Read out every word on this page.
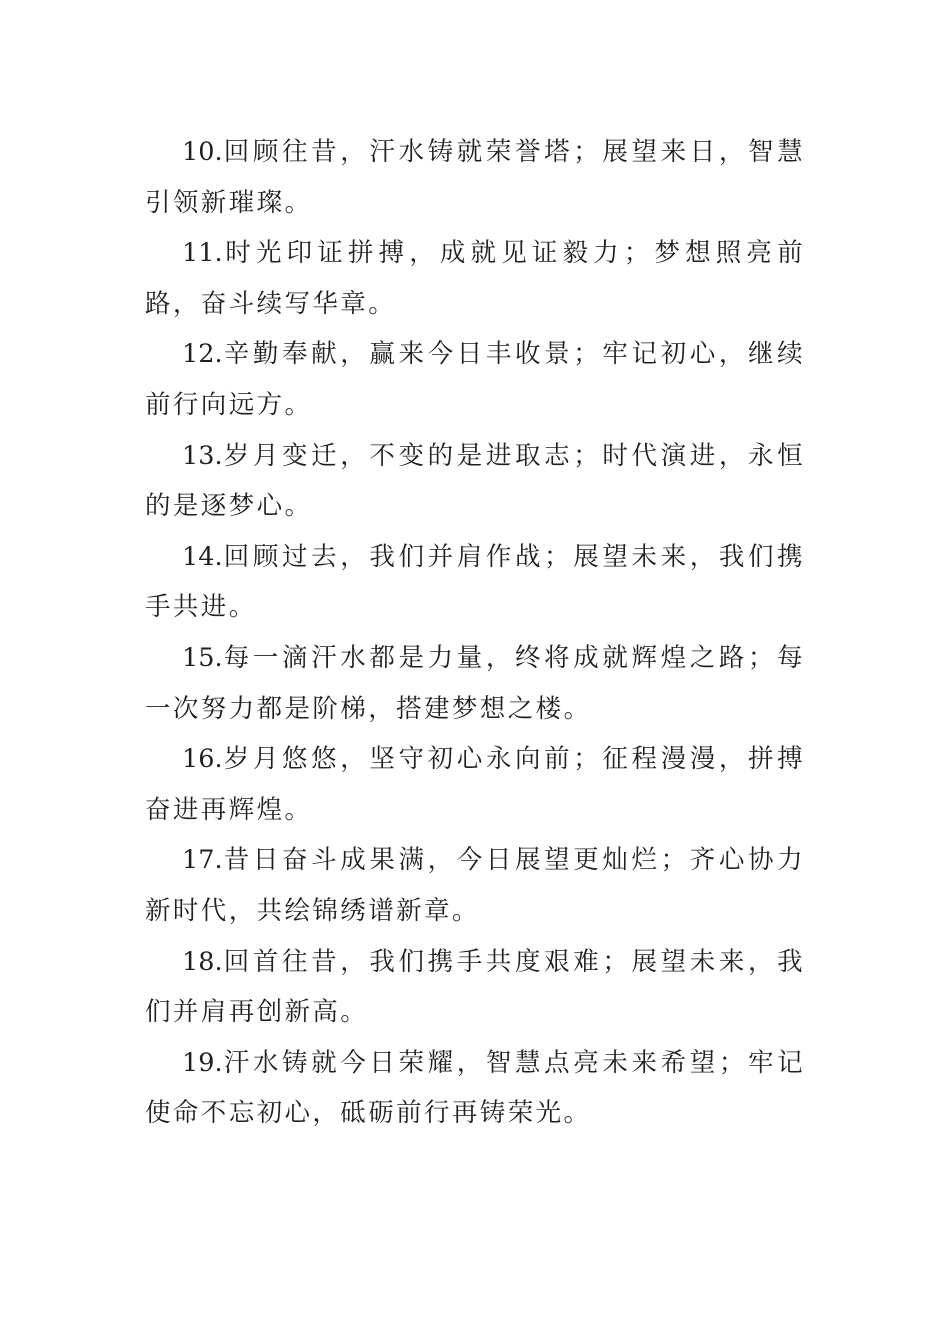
10.回顾往昔，汗水铸就荣誉塔；展望来日，智慧引领新璀璨。

11.时光印证拼搏，成就见证毅力；梦想照亮前路，奋斗续写华章。

12.辛勤奉献，赢来今日丰收景；牢记初心，继续前行向远方。

13.岁月变迁，不变的是进取志；时代演进，永恒的是逐梦心。

14.回顾过去，我们并肩作战；展望未来，我们携手共进。

15.每一滴汗水都是力量，终将成就辉煌之路；每一次努力都是阶梯，搭建梦想之楼。

16.岁月悠悠，坚守初心永向前；征程漫漫，拼搏奋进再辉煌。

17.昔日奋斗成果满，今日展望更灿烂；齐心协力新时代，共绘锦绣谱新章。

18.回首往昔，我们携手共度艰难；展望未来，我们并肩再创新高。

19.汗水铸就今日荣耀，智慧点亮未来希望；牢记使命不忘初心，砥砺前行再铸荣光。
